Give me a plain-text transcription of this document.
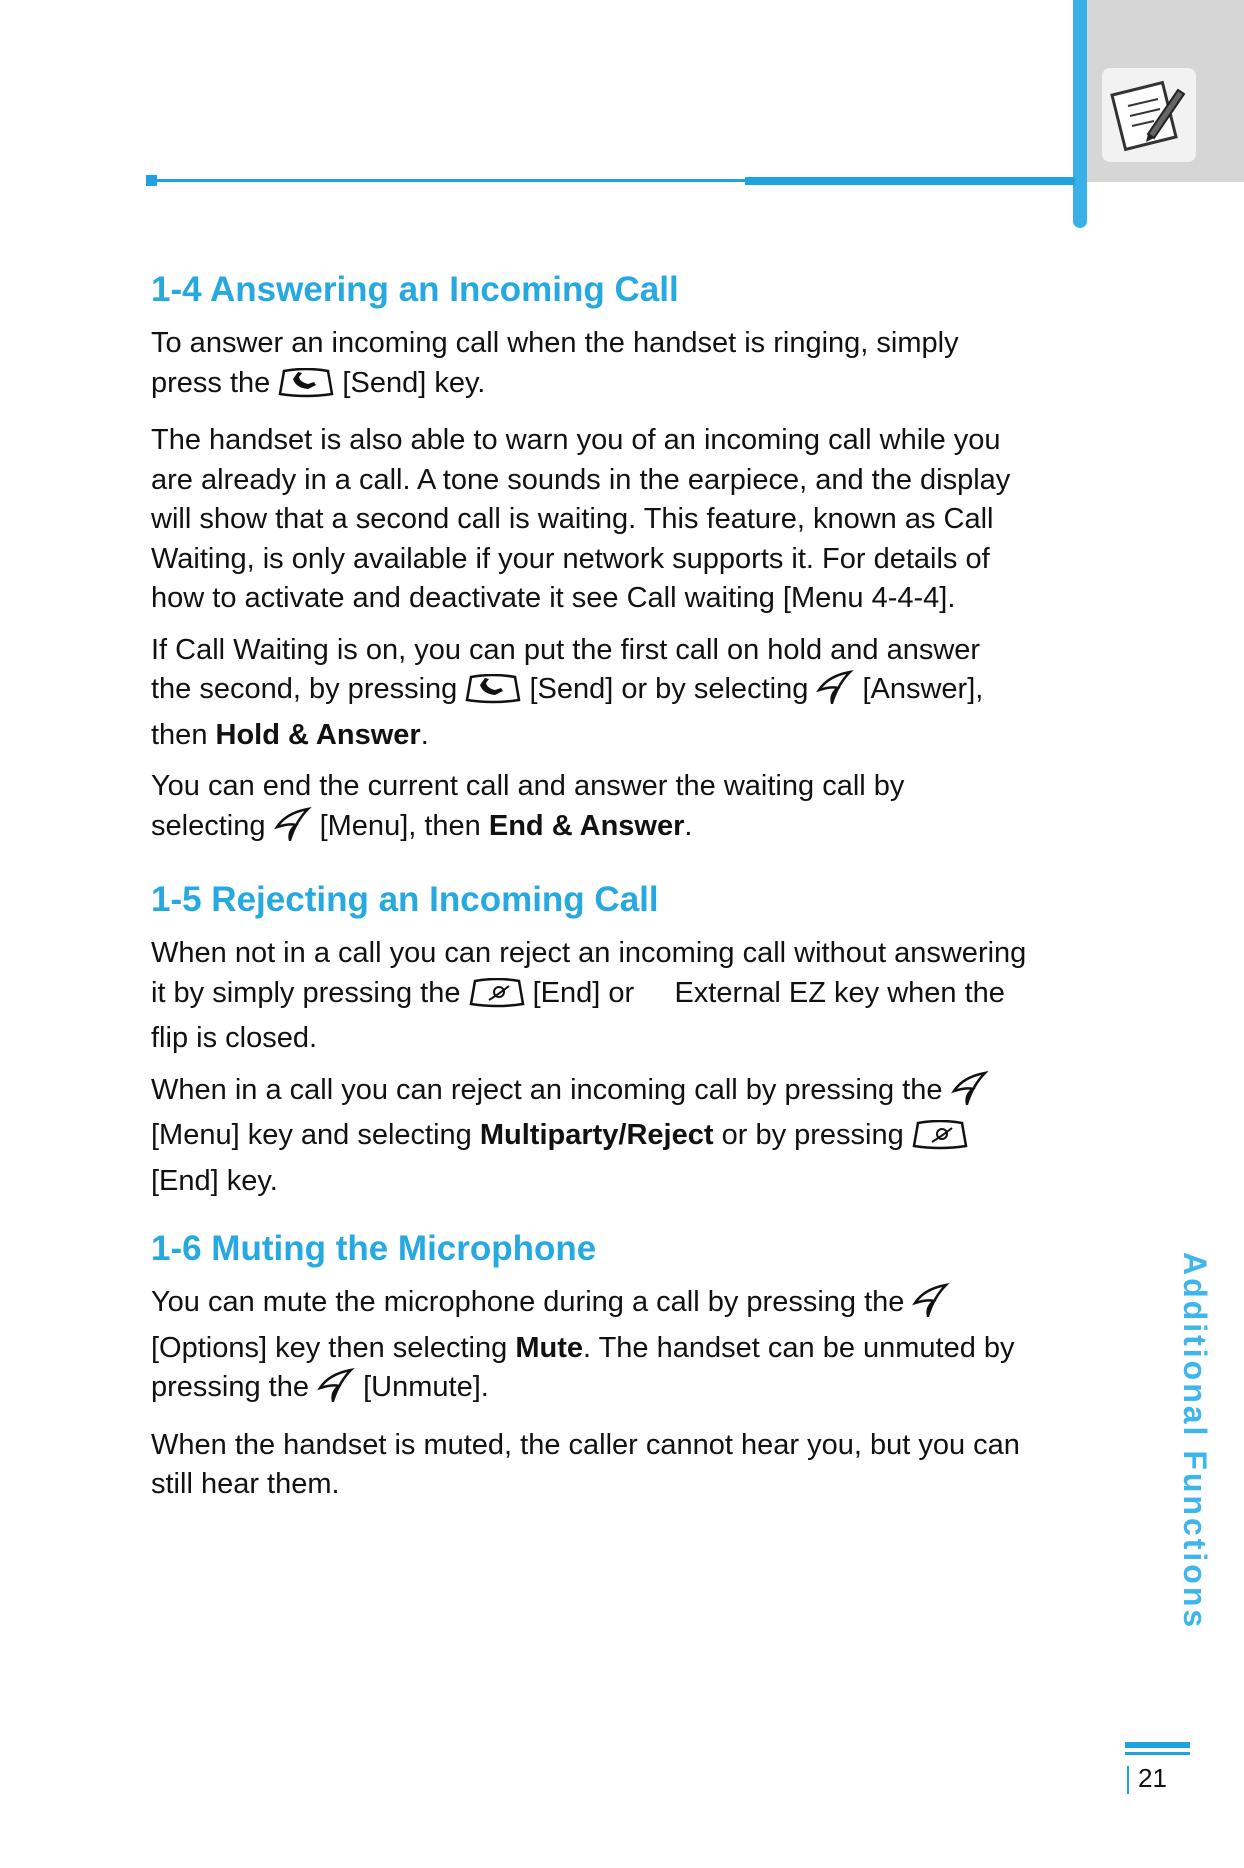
1-4 Answering an Incoming Call

To answer an incoming call when the handset is ringing, simply
press the [Send] key.

The handset is also able to warn you of an incoming call while you
are already in a call. A tone sounds in the earpiece, and the display
will show that a second call is waiting. This feature, known as Call
Waiting, is only available if your network supports it. For details of
how to activate and deactivate it see Call waiting [Menu 4-4-4].

If Call Waiting is on, you can put the first call on hold and answer
the second, by pressing [Send] or by selecting [Answer],
then Hold & Answer.

You can end the current call and answer the waiting call by
selecting [Menu], then End & Answer.

1-5 Rejecting an Incoming Call

When not in a call you can reject an incoming call without answering
it by simply pressing the [End] or External EZ key when the
flip is closed.

When in a call you can reject an incoming call by pressing the
[Menu] key and selecting Multiparty/Reject or by pressing
[End] key.

1-6 Muting the Microphone

You can mute the microphone during a call by pressing the
[Options] key then selecting Mute. The handset can be unmuted by
pressing the [Unmute].

When the handset is muted, the caller cannot hear you, but you can
still hear them.	Additional Functions
21
